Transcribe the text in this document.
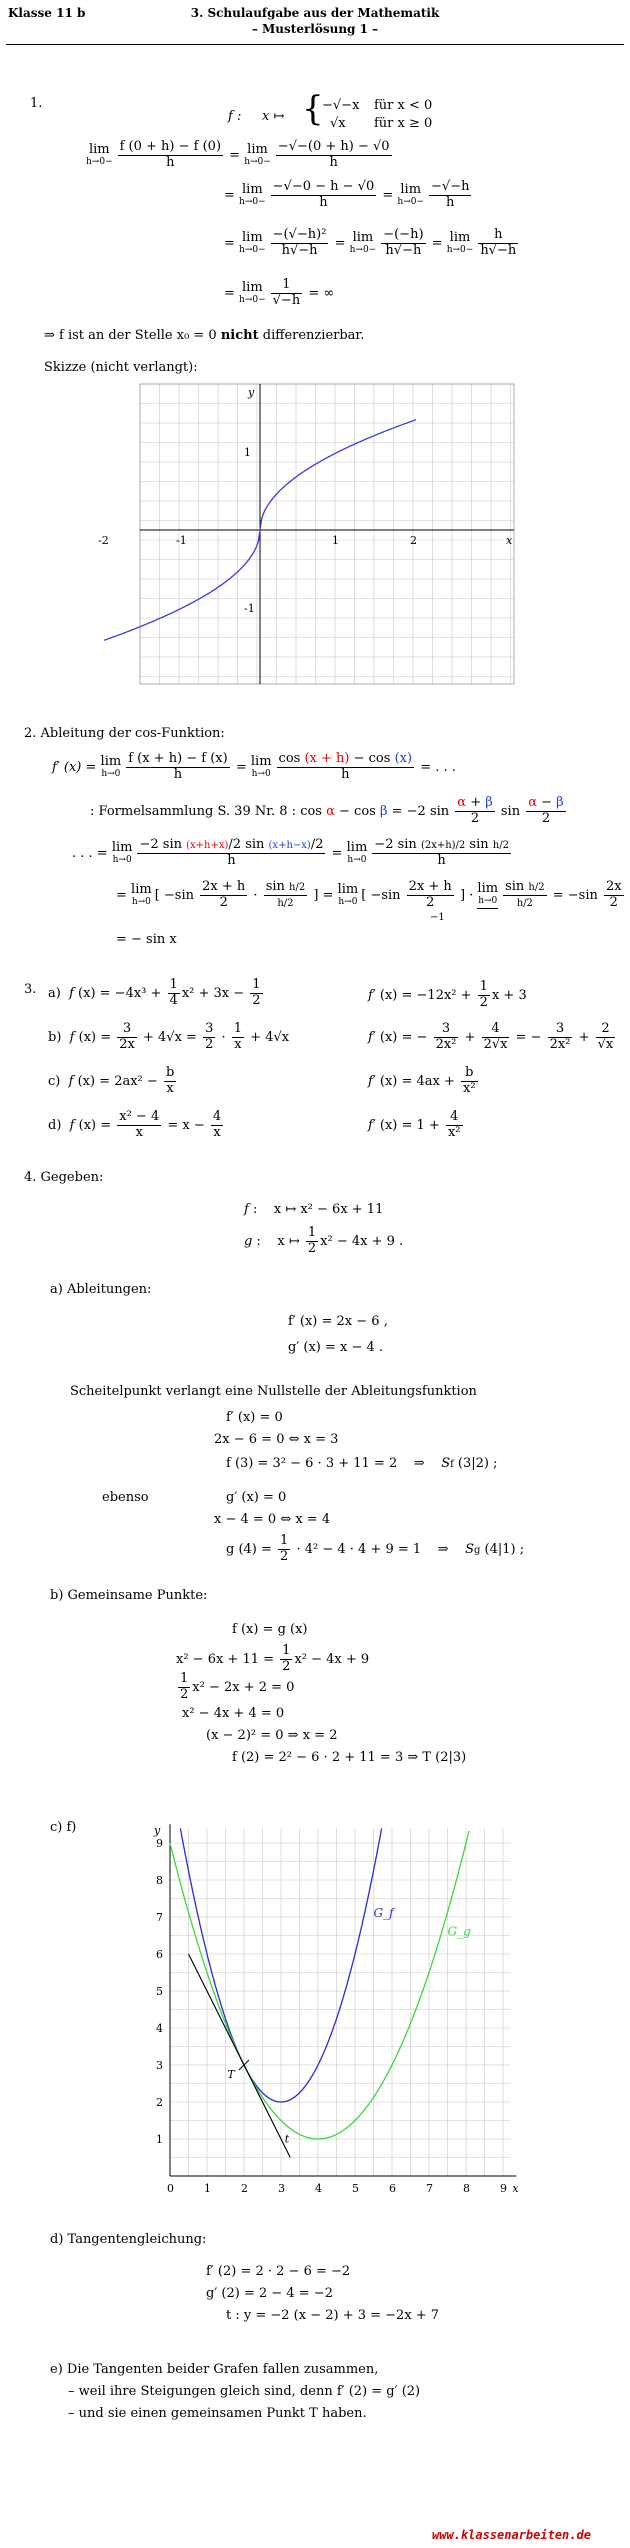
Klasse 11 b	3. Schulaufgabe aus der Mathematik
– Musterlösung 1 –
1.
f : x ↦ {
−√−x für x < 0
√x für x ≥ 0
lim
$h\to 0- \frac{f (0 + h) - f (0)}{h} = \lim$
$h\to 0- \frac{-√-(0 + h) - √0}{h}$
= lim
$h\to 0- \frac{-√-0 - h - √0}{h} = \lim$
$h\to 0- \frac{-√-h}{h}$
= lim
$h\to 0- \frac{\text{−(√−h)²}}{h√-h} = \lim$
$h\to 0- \frac{-(-h)}{h√-h} = \lim$
$h\to 0- \frac{h}{h√-h}$
= lim
$h\to 0- \frac{1}{√-h}$ = ∞
⇒ f ist an der Stelle x₀ = 0 nicht differenzierbar.
Skizze (nicht verlangt):
x
y
-2	-1	1	2
1
-1
2. Ableitung der cos-Funktion:
f′ (x) = lim
$h\to 0 \frac{f (x + h) - f (x)}{h} = \lim$
$h\to 0 \frac{\cos (x + h) - \cos (x)}{h}$ = . . .
: Formelsammlung S. 39 Nr. 8 : cos α − cos β = −2 $\sin \frac{\alpha + \beta}{2}$ $\sin \frac{\alpha - \beta}{2}$
. . . = lim
$h\to 0 \frac{-2 \sin (x+h+x)/2 \sin (x+h-x)/2}{h} = \lim$
$h\to 0 \frac{\text{−2 sin (2x+h)/2 sin h/2}}{h}$
= lim
h→0 [ $-\sin \frac{2x + h}{2} \cdot \frac{\text{sin h/2}}{h/2}$ ] = lim
h→0 [ $-\sin \frac{2x + h}{2}$ ] · lim
$h\to 0 \frac{\text{sin h/2}}{h/2} = -\sin \frac{2x}{2}$
−1
= − sin x
3. a) f $(x) = -4x^3 + \frac{1}{4} x^2 + 3x - \frac{1}{2}$	f′ $(x) = -12x^2 + \frac{1}{2}$ x + 3
b) f $(x) = \frac{3}{2x} + 4√x = \frac{3}{2} \cdot \frac{1}{x} + 4√x$	f′ (x) = − $\frac{3}{\text{2x²}} + \frac{4}{2√x}$ = − $\frac{3}{\text{2x²}} + \frac{2}{√x}$
c) f $(x) = 2ax^2 - \frac{b}{x}$	f′ $(x) = 4ax + \frac{b}{\text{x²}}$
d) f $(x) = \frac{\text{x² − 4}}{x} = x - \frac{4}{x}$	f′ $(x) = 1 + \frac{4}{\text{x²}}$
4. Gegeben:
f :    x ↦ x² − 6x + 11
g :    x ↦ $\frac{1}{2} x^2 - 4x + 9$ .
a) Ableitungen:
f′ (x) = 2x − 6 ,
g′ (x) = x − 4 .
Scheitelpunkt verlangt eine Nullstelle der Ableitungsfunktion
f′ (x) = 0
2x − 6 = 0 ⇔ x = 3
f (3) = 3² − 6 · 3 + 11 = 2    ⇒    Sf (3|2) ;
ebenso	g′ (x) = 0
x − 4 = 0 ⇔ x = 4
g $(4) = \frac{1}{2} \cdot 4^2 - 4 \cdot 4 + 9 = 1$    ⇒    Sg (4|1) ;
b) Gemeinsame Punkte:
f (x) = g (x)
$x^2 - 6x + 11 = \frac{1}{2} x^2 - 4x + 9$
$\frac{1}{2} x^2 - 2x + 2 = 0$
x² − 4x + 4 = 0
(x − 2)² = 0 ⇒ x = 2
f (2) = 2² − 6 · 2 + 11 = 3 ⇒ T (2|3)
c) f)
x
y
0	1	2	3	4	5	6	7	8	9
1
2
3
4
5
6
7
8
9
G_f
G_g
t
T
d) Tangentengleichung:
f′ (2) = 2 · 2 − 6 = −2
g′ (2) = 2 − 4 = −2
t : y = −2 (x − 2) + 3 = −2x + 7
e) Die Tangenten beider Grafen fallen zusammen,
– weil ihre Steigungen gleich sind, denn f′ (2) = g′ (2)
– und sie einen gemeinsamen Punkt T haben.
www.klassenarbeiten.de
